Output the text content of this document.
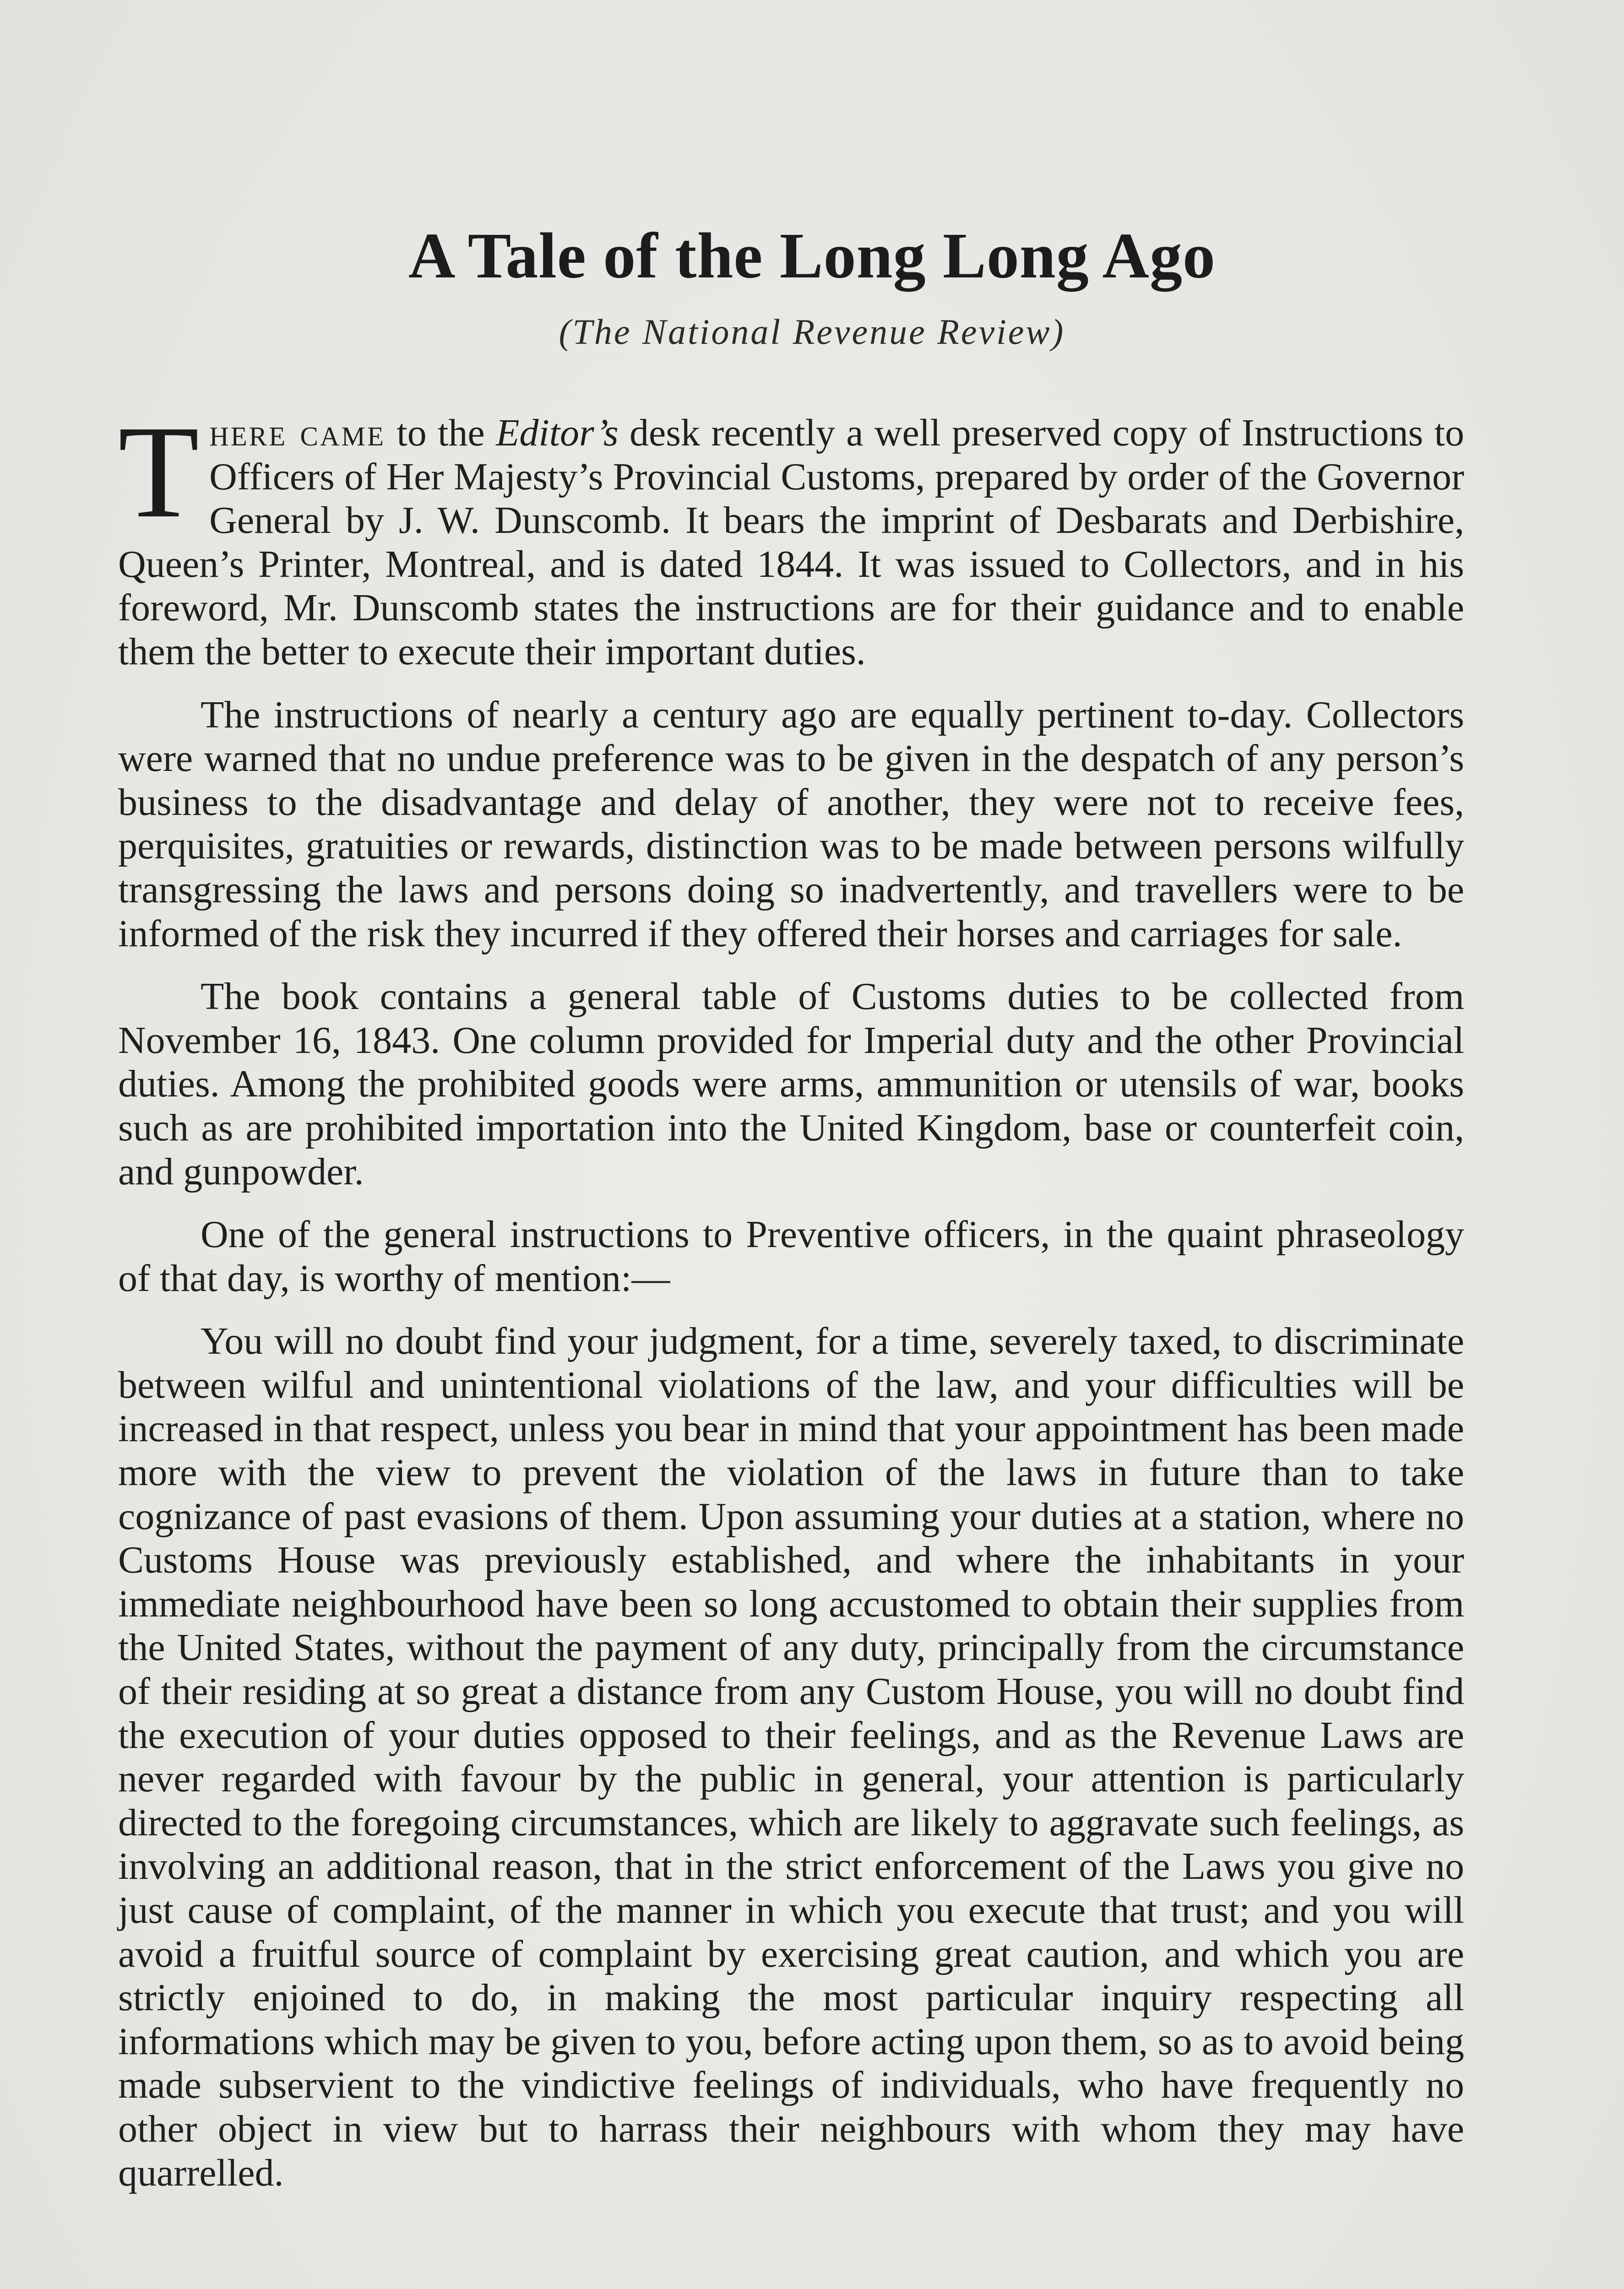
A Tale of the Long Long Ago
(The National Revenue Review)

There came to the Editor’s desk recently a well preserved copy of Instructions to Officers of Her Majesty’s Provincial Customs, prepared by order of the Governor General by J. W. Dunscomb. It bears the imprint of Desbarats and Derbishire, Queen’s Printer, Montreal, and is dated 1844. It was issued to Collectors, and in his foreword, Mr. Dunscomb states the instructions are for their guidance and to enable them the better to execute their important duties.

The instructions of nearly a century ago are equally pertinent to-day. Collectors were warned that no undue preference was to be given in the despatch of any person’s business to the disadvantage and delay of another, they were not to receive fees, perquisites, gratuities or rewards, distinction was to be made between persons wilfully transgressing the laws and persons doing so inadvertently, and travellers were to be informed of the risk they incurred if they offered their horses and carriages for sale.

The book contains a general table of Customs duties to be collected from November 16, 1843. One column provided for Imperial duty and the other Provincial duties. Among the prohibited goods were arms, ammunition or utensils of war, books such as are prohibited importation into the United Kingdom, base or counterfeit coin, and gunpowder.

One of the general instructions to Preventive officers, in the quaint phraseology of that day, is worthy of mention:—

You will no doubt find your judgment, for a time, severely taxed, to discriminate between wilful and unintentional violations of the law, and your difficulties will be increased in that respect, unless you bear in mind that your appointment has been made more with the view to prevent the violation of the laws in future than to take cognizance of past evasions of them. Upon assuming your duties at a station, where no Customs House was previously established, and where the inhabitants in your immediate neighbourhood have been so long accustomed to obtain their supplies from the United States, without the payment of any duty, principally from the circumstance of their residing at so great a distance from any Custom House, you will no doubt find the execution of your duties opposed to their feelings, and as the Revenue Laws are never regarded with favour by the public in general, your attention is particularly directed to the foregoing circumstances, which are likely to aggravate such feelings, as involving an additional reason, that in the strict enforcement of the Laws you give no just cause of complaint, of the manner in which you execute that trust; and you will avoid a fruitful source of complaint by exercising great caution, and which you are strictly enjoined to do, in making the most particular inquiry respecting all informations which may be given to you, before acting upon them, so as to avoid being made subservient to the vindictive feelings of individuals, who have frequently no other object in view but to harrass their neighbours with whom they may have quarrelled.
